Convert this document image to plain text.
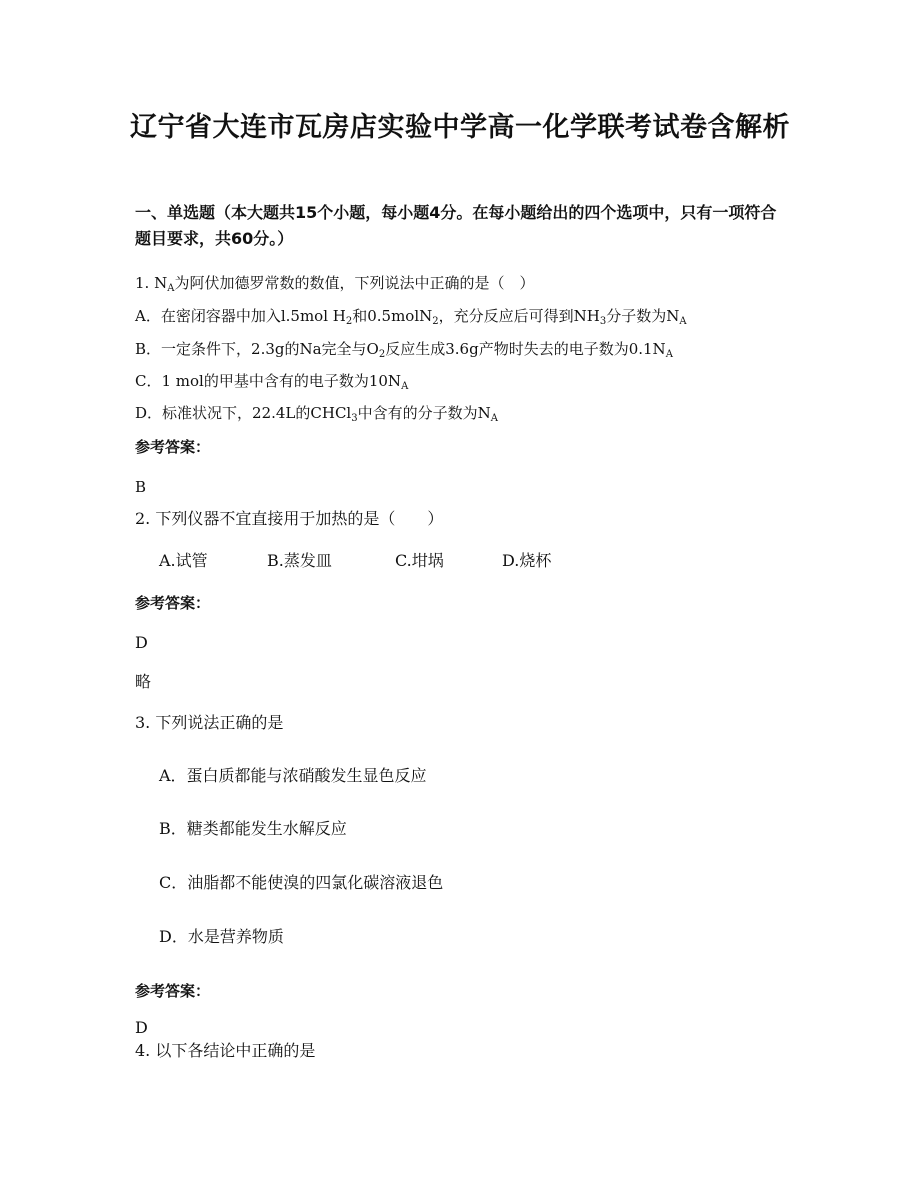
辽宁省大连市瓦房店实验中学高一化学联考试卷含解析
一、单选题（本大题共15个小题，每小题4分。在每小题给出的四个选项中，只有一项符合题目要求，共60分。）
1. $N_A$为阿伏加德罗常数的数值，下列说法中正确的是（　）
A．在密闭容器中加入l.5mol $H_2$和0.5molN$_2$，充分反应后可得到$NH_3$分子数为$N_A$
B．一定条件下，2.3g的Na完全与$O_2$反应生成3.6g产物时失去的电子数为$0.1N_A$
C．1 mol的甲基中含有的电子数为$10N_A$
D．标准状况下，22.4L的CHCl$_3$中含有的分子数为$N_A$
参考答案：
B
2. 下列仪器不宜直接用于加热的是（　　）
A.试管	B.蒸发皿	C.坩埚	D.烧杯
参考答案：
D
略
3. 下列说法正确的是
A．蛋白质都能与浓硝酸发生显色反应
B．糖类都能发生水解反应
C．油脂都不能使溴的四氯化碳溶液退色
D．水是营养物质
参考答案：
D
4. 以下各结论中正确的是
